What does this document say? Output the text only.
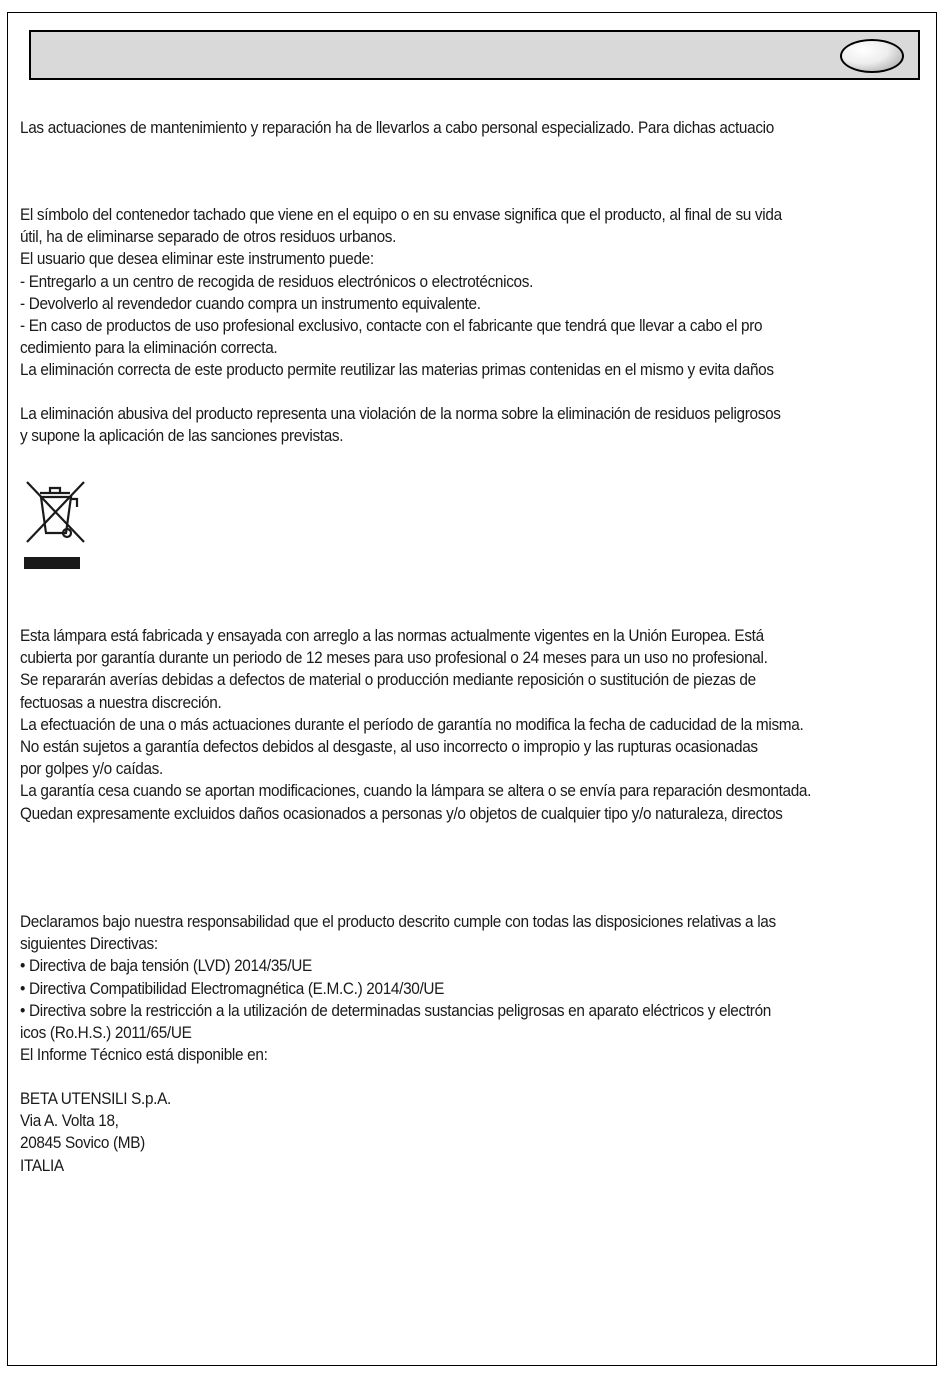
Las actuaciones de mantenimiento y reparación ha de llevarlos a cabo personal especializado. Para dichas actuacio
El símbolo del contenedor tachado que viene en el equipo o en su envase significa que el producto, al final de su vida
útil, ha de eliminarse separado de otros residuos urbanos.
El usuario que desea eliminar este instrumento puede:
- Entregarlo a un centro de recogida de residuos electrónicos o electrotécnicos.
- Devolverlo al revendedor cuando compra un instrumento equivalente.
- En caso de productos de uso profesional exclusivo, contacte con el fabricante que tendrá que llevar a cabo el pro
cedimiento para la eliminación correcta.
La eliminación correcta de este producto permite reutilizar las materias primas contenidas en el mismo y evita daños
La eliminación abusiva del producto representa una violación de la norma sobre la eliminación de residuos peligrosos
y supone la aplicación de las sanciones previstas.
Esta lámpara está fabricada y ensayada con arreglo a las normas actualmente vigentes en la Unión Europea. Está
cubierta por garantía durante un periodo de 12 meses para uso profesional o 24 meses para un uso no profesional.
Se repararán averías debidas a defectos de material o producción mediante reposición o sustitución de piezas de
fectuosas a nuestra discreción.
La efectuación de una o más actuaciones durante el período de garantía no modifica la fecha de caducidad de la misma.
No están sujetos a garantía defectos debidos al desgaste, al uso incorrecto o impropio y las rupturas ocasionadas
por golpes y/o caídas.
La garantía cesa cuando se aportan modificaciones, cuando la lámpara se altera o se envía para reparación desmontada.
Quedan expresamente excluidos daños ocasionados a personas y/o objetos de cualquier tipo y/o naturaleza, directos
Declaramos bajo nuestra responsabilidad que el producto descrito cumple con todas las disposiciones relativas a las
siguientes Directivas:
• Directiva de baja tensión (LVD) 2014/35/UE
• Directiva Compatibilidad Electromagnética (E.M.C.) 2014/30/UE
• Directiva sobre la restricción a la utilización de determinadas sustancias peligrosas en aparato eléctricos y electrón
icos (Ro.H.S.) 2011/65/UE
El Informe Técnico está disponible en:
BETA UTENSILI S.p.A.
Via A. Volta 18,
20845 Sovico (MB)
ITALIA
